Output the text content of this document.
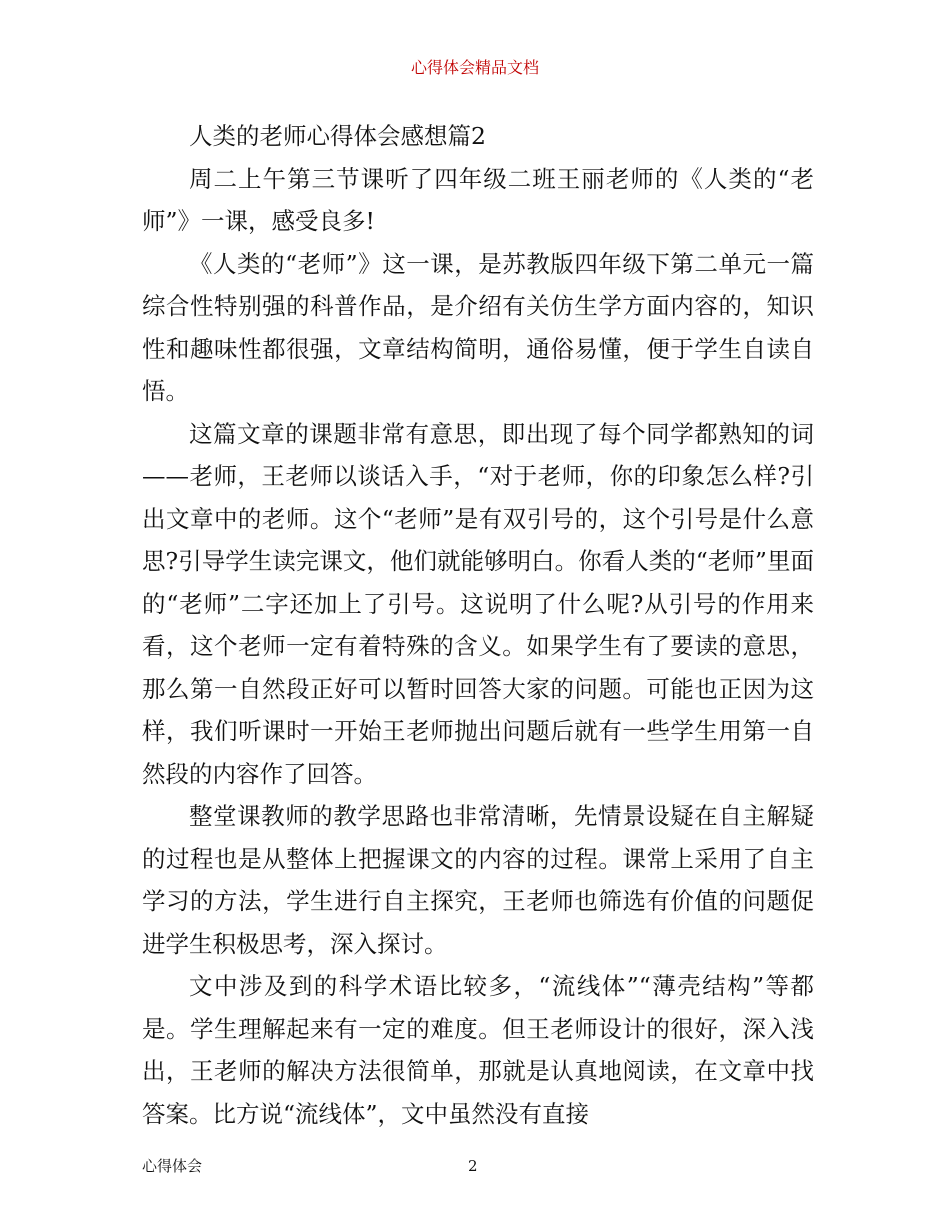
心得体会精品文档

人类的老师心得体会感想篇2

周二上午第三节课听了四年级二班王丽老师的《人类的“老师”》一课，感受良多!

《人类的“老师”》这一课，是苏教版四年级下第二单元一篇综合性特别强的科普作品，是介绍有关仿生学方面内容的，知识性和趣味性都很强，文章结构简明，通俗易懂，便于学生自读自悟。

这篇文章的课题非常有意思，即出现了每个同学都熟知的词——老师，王老师以谈话入手，“对于老师，你的印象怎么样?引出文章中的老师。这个“老师”是有双引号的，这个引号是什么意思?引导学生读完课文，他们就能够明白。你看人类的“老师”里面的“老师”二字还加上了引号。这说明了什么呢?从引号的作用来看，这个老师一定有着特殊的含义。如果学生有了要读的意思，那么第一自然段正好可以暂时回答大家的问题。可能也正因为这样，我们听课时一开始王老师抛出问题后就有一些学生用第一自然段的内容作了回答。

整堂课教师的教学思路也非常清晰，先情景设疑在自主解疑的过程也是从整体上把握课文的内容的过程。课常上采用了自主学习的方法，学生进行自主探究，王老师也筛选有价值的问题促进学生积极思考，深入探讨。

文中涉及到的科学术语比较多，“流线体”“薄壳结构”等都是。学生理解起来有一定的难度。但王老师设计的很好，深入浅出，王老师的解决方法很简单，那就是认真地阅读，在文章中找答案。比方说“流线体”，文中虽然没有直接

心得体会	2
